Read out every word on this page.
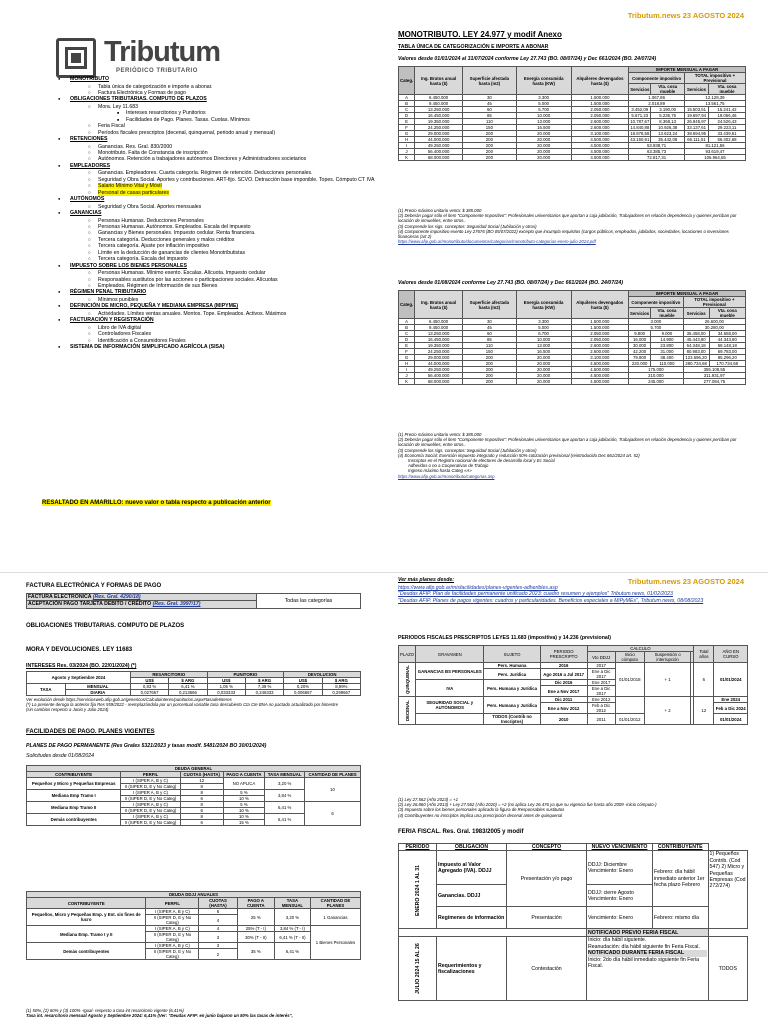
Tributum.news 23 AGOSTO 2024
Tributum
PERIÓDICO TRIBUTARIO
● MONOTRIBUTO
○ Tabla única de categorización e importe a abonar.
○ Factura Electrónica y Formas de pago
● OBLIGACIONES TRIBUTARIAS. COMPUTO DE PLAZOS
○ Mora. Ley 11.683
■ Intereses resarcitorios y Punitorios
■ Facilidades de Pago. Planes. Tasas. Cuotas. Mínimos
○ Feria Fiscal
○ Períodos fiscales prescriptos (decenal, quinquenal, periodo anual y mensual)
● RETENCIONES
○ Ganancias. Res. Gral. 830/2000
○ Monotributo. Falta de Constancia de inscripción
○ Autónomos. Retención a trabajadores autónomos Directores y Administradores societarios
● EMPLEADORES
○ Ganancias. Empleadores. Cuarta categoría. Régimen de retención. Deducciones personales.
○ Seguridad y Obra Social. Aportes y contribuciones. ART-fijo. SCVO. Detracción base imponible. Topes. Cómputo CT IVA
○ Salario Mínimo Vital y Móvil
○ Personal de casas particulares
● AUTÓNOMOS
○ Seguridad y Obra Social. Aportes mensuales
● GANANCIAS
○ Personas Humanas. Deducciones Personales
○ Personas Humanas. Autónomos. Empleados. Escala del impuesto
○ Ganancias y Bienes personales. Impuesto cedular. Renta financiera.
○ Tercera categoría. Deducciones generales y malos créditos
○ Tercera categoría. Ajuste por inflación impositivo
○ Límite en la deducción de ganancias de clientes Monotributistas
○ Tercera categoría. Escala del impuesto
● IMPUESTO SOBRE LOS BIENES PERSONALES
○ Personas Humanas. Mínimo exento. Escalas. Alícuota. Impuesto cedular
○ Responsables sustitutos por las acciones o participaciones sociales. Alícuotas
○ Empleados. Régimen de Información de sus Bienes
● RÉGIMEN PENAL TRIBUTARIO
○ Mínimos punibles
● DEFINICIÓN DE MICRO, PEQUEÑA Y MEDIANA EMPRESA (MIPYME)
○ Actividades. Límites ventas anuales. Montos. Tope. Empleados. Activos. Máximos
● FACTURACIÓN Y REGISTRACIÓN
○ Libro de IVA digital
○ Controladores Fiscales
○ Identificación a Consumidores Finales
● SISTEMA DE INFORMACIÓN SIMPLIFICADO AGRÍCOLA (SISA)
RESALTADO EN AMARILLO: nuevo valor o tabla respecto a publicación anterior
MONOTRIBUTO. LEY 24.977 y modif Anexo
TABLA ÚNICA DE CATEGORIZACIÓN E IMPORTE A ABONAR
Valores desde 01/01/2024 al 31/07/2024 conforme Ley 27.743 (BO. 08/07/24) y Dec 661/2024 (BO. 24/07/24)
Categ.	Ing. Brutos anual hasta ($)	Superficie afectada hasta (m2)	Energía consumida hasta (KW)	Alquileres devengados hasta ($)	IMPORTE MENSUAL A PAGAR			
					Componente impositivo		TOTAL impositivo + Previsional	
					Servicios	Vta. cosa mueble	Servicios	Vta. cosa mueble
A	6.450.000	30	3.300	1.500.000	1.067,86		12.128,39	
B	9.450.000	45	5.000	1.500.000	2.018,89		13.561,75	
C	13.250.000	60	6.700	2.050.000	3.452,09	3.190,00	15.503,51	15.241,42
D	16.450.000	85	10.000	2.050.000	5.671,23	5.235,75	19.697,94	19.066,46
E	19.350.000	110	13.000	2.600.000	10.787,67	8.368,13	26.945,97	24.526,43
F	24.250.000	150	16.500	2.600.000	14.840,88	10.926,38	33.137,61	29.223,11
G	29.000.000	200	20.000	3.100.000	18.878,58	13.623,24	38.694,95	33.439,61
H	44.000.000	200	20.000	4.500.000	43.150,91	35.442,08	66.111,51	56.402,68
I	49.250.000	200	20.000	4.500.000	53.938,71		81.121,56	
J	56.400.000	200	20.000	4.500.000	63.385,73		93.619,47	
K	68.000.000	200	20.000	4.500.000	72.817,31		106.964,65	
(1) Precio máximo unitario venta: $ 385.000
(2) Deberán pagar sólo el ítem "Componente Impositivo": Profesionales universitarios que aportan a caja jubilación, Trabajadores en relación dependencia y quienes perciban por locación de inmuebles, entre otros..
(3) Comprende los sigs. conceptos: Seguridad Social (Jubilación y otros)
(4) Componente impositivo exento Ley 27676 (BO 05/07/2022) excepto que incumpla requisitos (cargos públicos, empleados, jubilados, sociedades, locaciones o inversiones financieras (art 2)
https://www.afip.gob.ar/monotributo/documentos/categorias/monotributo-categorias-enero-julio-2024.pdf
Valores desde 01/08/2024 conforme Ley 27.743 (BO. 08/07/24) y Dec 661/2024 (BO. 24/07/24)
Categ.	Ing. Brutos anual hasta ($)	Superficie afectada hasta (m2)	Energía consumida hasta (KW)	Alquileres devengados hasta ($)	IMPORTE MENSUAL A PAGAR			
					Componente impositivo		TOTAL impositivo + Previsional	
					Servicios	Vta. cosa mueble	Servicios	Vta. cosa mueble
A	6.450.000	30	3.300	1.500.000	3.000		26.600,00	
B	9.450.000	45	5.000	1.500.000	5.700		30.280,00	
C	13.250.000	60	6.700	2.050.000	9.800	9.000	35.458,00	34.658,00
D	16.450.000	85	10.000	2.050.000	16.000	14.900	45.443,80	44.343,80
E	19.350.000	110	13.000	2.600.000	30.000	23.800	64.348,18	58.148,18
F	24.250.000	150	16.500	2.600.000	42.200	31.000	80.983,00	69.783,00
G	29.000.000	200	20.000	3.100.000	79.800	38.400	123.696,20	85.296,20
H	44.000.000	200	20.000	4.500.000	220.000	110.000	280.734,68	170.734,68
I	49.250.000	200	20.000	4.500.000	175.000		355.108,55	
J	56.400.000	200	20.000	4.500.000	210.000		311.931,97	
K	68.000.000	200	20.000	4.500.000	245.000		277.084,75	
(1) Precio máximo unitario venta: $ 385.000
(2) Deberán pagar sólo el ítem "Componente Impositivo": Profesionales universitarios que aportan a caja jubilación, Trabajadores en relación dependencia y quienes perciban por locación de inmuebles, entre otros..
(3) Comprende los sigs. conceptos: Seguridad Social (Jubilación y otros)
(4) Economía Social: Exención impuesto integrado y reducción 50% cotización previsional (reintroducido Dec 661/2024 art. 52)
Inscriptos en el Registro nacional de efectores de desarrollo local y Ec Social
Adheridos o no a Cooperativas de Trabajo
Ingreso máximo hasta Categ «A»
https://www.afip.gob.ar/monotributo/categorias.asp
Tributum.news 23 AGOSTO 2024
FACTURA ELECTRÓNICA Y FORMAS DE PAGO
FACTURA ELECTRÓNICA (Res. Gral. 4290/18)	Todas las categorías
ACEPTACIÓN PAGO TARJETA DEBITO / CRÉDITO (Res. Gral. 3997/17)
OBLIGACIONES TRIBUTARIAS. COMPUTO DE PLAZOS
MORA Y DEVOLUCIONES. LEY 11683
INTERESES Res. 03/2024 (BO. 22/01/2024) (*)
Agosto y Septiembre 2024		RESARCITORIO		PUNITORIO		DEVOLUCION	
		US$	$ ARG	US$	$ ARG	US$	$ ARG
TASA	MENSUAL	0,83 %	6,41 %	1,05 %	7,39 %	0,20%	8,99%
	DIARIA	0,027667	0,213666	0,033333	0,246333	0,006667	0,299667
Ver evolución desde https://serviciosweb.afip.gob.ar/genericos/Calculointeres/punitorios.aspx#tasadeInteres
(*) La presente deroga la anterior fija Res 559/2022 - reemplazándola por un porcentual variable tasa descubierto Cta Cte BNA no pactado actualizado por bimestre
(sin cambios respecto a Junio y Julio 2024)
FACILIDADES DE PAGO. PLANES VIGENTES
PLANES DE PAGO PERMANENTE (Res Grales 5321/2023 y tasas modif. 5481/2024 BO 30/01/2024)
Solicitudes desde 01/08/2024
DEUDA GENERAL					
CONTRIBUYENTE	PERFIL	CUOTAS (HASTA)	PAGO A CUENTA	TASA MENSUAL	CANTIDAD DE PLANES
Pequeños y Micro y Pequeñas Empresas	I (SIPER A, B y C)	12	NO APLICA	3,20 %	10
	II (SIPER D, E y No Categ)	8			
Mediana Emp Tramo I	I (SIPER A, B y C)	8	5 %	3,84 %	
	II (SIPER D, E y No Categ)	6	10 %		
Mediana Emp Tramo II	I (SIPER A, B y C)	8	5 %	6,41 %	6
	II (SIPER D, E y No Categ)	6	10 %		
Demás contribuyentes	I (SIPER A, B y C)	8	10 %	6,41 %	
	II (SIPER D, E y No Categ)	6	15 %		
DEUDA DDJJ ANUALES					
CONTRIBUYENTE	PERFIL	CUOTAS (HASTA)	PAGO A CUENTA	TASA MENSUAL	CANTIDAD DE PLANES
Pequeños, Micro y Pequeñas Emp. y Ent. sin fines de lucro	I (SIPER A, B y C)	6	25 %	3,20 %	1 Ganancias
	II (SIPER D, E y No Categ)	4			
Mediana Emp. Tramo I y II	I (SIPER A, B y C)	4	25% (T - I)	3,84 % (T - I)	1 Bienes Personales
	II (SIPER D, E y No Categ)	3	30% (T - II)	6,41 % (T - II)	
Demás contribuyentes	I (SIPER A, B y C)	3	35 %	6,41 %	
	II (SIPER D, E y No Categ)	2			
(1) 50%, (2) 60% y (3) 100% -Igual- respecto a tasa int resarcitorio vigente (6,41%)
Tasa int. resarcitorio mensual Agosto y Septiembre 2024: 6,41% (Ver: "Deudas AFIP: en junio bajaron un 50% las tasas de interés",
Ver más planes desde:
https://www.afip.gob.ar/misfacilidades/planes-vigentes-adheribles.asp
"Deudas AFIP. Plan de facilidades permanente unificado 2023: cuadro resumen y ejemplos" Tributum.news, 01/02/2023
"Deudas AFIP. Planes de pagos vigentes: cuadros y particularidades. Beneficios especiales a MiPyMEs", Tributum.news, 08/08/2023
PERIODOS FISCALES PRESCRIPTOS LEYES 11.683 (impositiva) y 14.236 (previsional)
PLAZO	GRAVAMEN	SUJETO	PERIODO PRESCRIPTO	CALCULO				Total años	AÑO EN CURSO
				Vto DDJJ	Inicio cómputo	Suspensión o interrupción			
QUINQUENAL	GANANCIAS BS PERSONALES	Pers. Humana	2016	2017	01/01/2018	+ 1		6	01/01/2024
		Pers. Jurídica	Ago 2016 a Jul 2017	Ene a Dic 2017					
	IVA	Pers. Humana y Jurídica	Dic 2016	Ene 2017					
			Ene a Nov 2017	Ene a Dic 2017					
DECENAL	SEGURIDAD SOCIAL y AUTÓNOMOS	Pers. Humana y Jurídica	Dic 2011	Ene 2012		+ 2		12	Ene 2024
			Ene a Nov 2012	Feb a Dic 2012					Feb a Dic 2024
		TODOS (Contrib no Inscriptos)	2010	2011	01/01/2012				01/01/2024
(1) Ley 27.562 (Año 2023) = +1
(2) Ley 26.860 (Año 2013) + Ley 27.562 (Año 2020) = +2 (no aplica Ley 26.476 ya que su vigencia fue hasta año 2009 -inicio cómputo-)
(3) Impuesto sobre los bienes personales aplicado la figura de Responsables sustitutos
(4) Contribuyentes no inscriptos implica una prescripción decenal antes de quinquenal
FERIA FISCAL. Res. Gral. 1983/2005 y modif
PERÍODO	OBLIGACIÓN	CONCEPTO	NUEVO VENCIMIENTO	CONTRIBUYENTE	
ENERO 2024 1 AL 31	Impuesto al Valor Agregado (IVA). DDJJ	Presentación y/o pago	DDJJ: Diciembre Vencimiento: Enero	Febrero: día hábil inmediato anterior 1er fecha plazo Febrero	1) Pequeños Contrib. (Cod 547) 2) Micro y Pequeñas Empresas (Cod 272/274)
	Ganancias. DDJJ		DDJJ: cierre Agosto Vencimiento: Enero		
	Regímenes de información	Presentación	Vencimiento: Enero	Febrero: mismo día	
			NOTIFICADO PREVIO FERIA FISCAL		
JULIO 2024 15 AL 26	Requerimientos y fiscalizaciones	Contestación	Inicio: día hábil siguiente.
Reanudación: día hábil siguiente fin Feria Fiscal.
NOTIFICADO DURANTE FERIA FISCAL
Inicio: 2do día hábil inmediato siguiente fin Feria Fiscal.		TODOS
